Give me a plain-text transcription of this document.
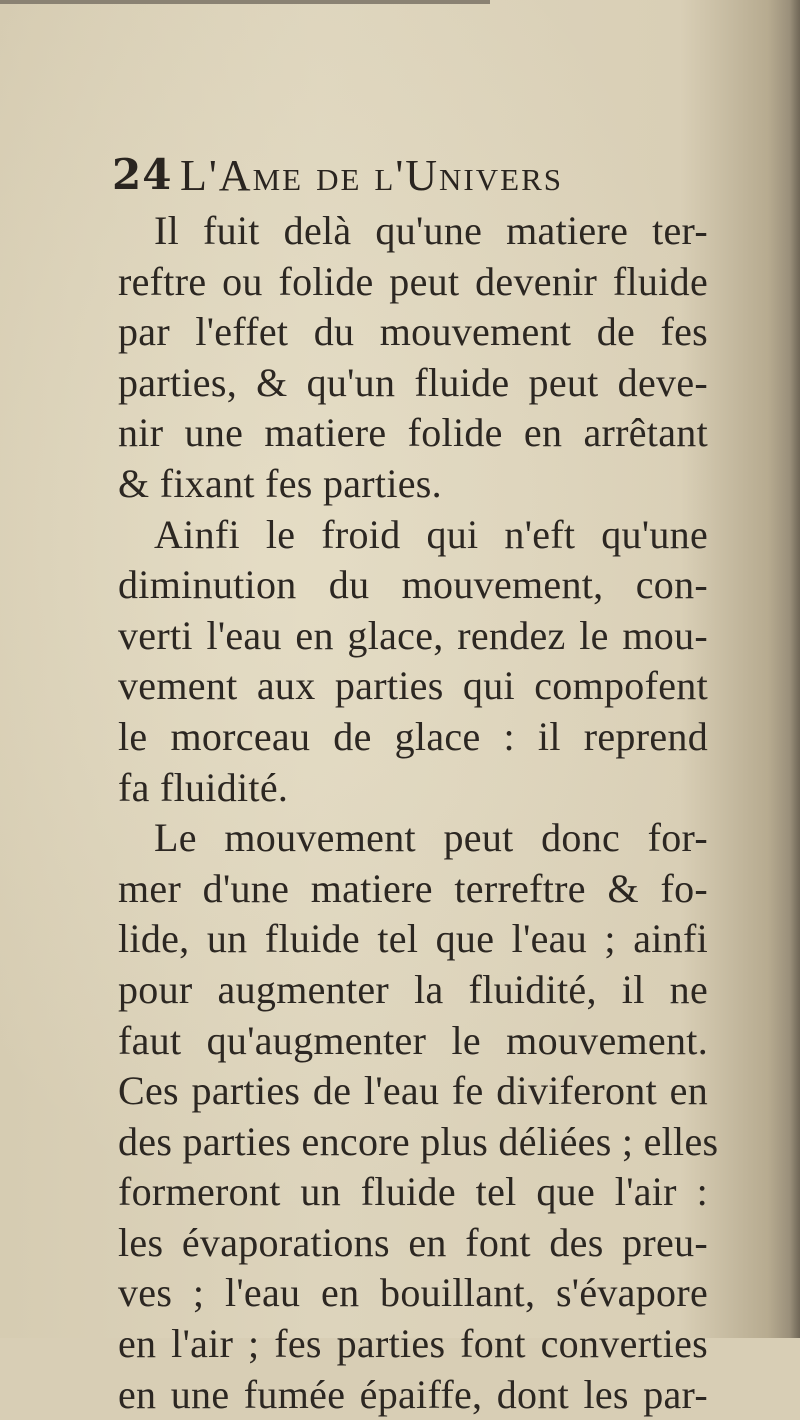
24 L'Ame de l'Univers
Il fuit delà qu'une matiere ter-
reftre ou folide peut devenir fluide
par l'effet du mouvement de fes
parties, & qu'un fluide peut deve-
nir une matiere folide en arrêtant
& fixant fes parties.
Ainfi le froid qui n'eft qu'une
diminution du mouvement, con-
verti l'eau en glace, rendez le mou-
vement aux parties qui compofent
le morceau de glace : il reprend
fa fluidité.
Le mouvement peut donc for-
mer d'une matiere terreftre & fo-
lide, un fluide tel que l'eau ; ainfi
pour augmenter la fluidité, il ne
faut qu'augmenter le mouvement.
Ces parties de l'eau fe diviferont en
des parties encore plus déliées ; elles
formeront un fluide tel que l'air :
les évaporations en font des preu-
ves ; l'eau en bouillant, s'évapore
en l'air ; fes parties font converties
en une fumée épaiffe, dont les par-
